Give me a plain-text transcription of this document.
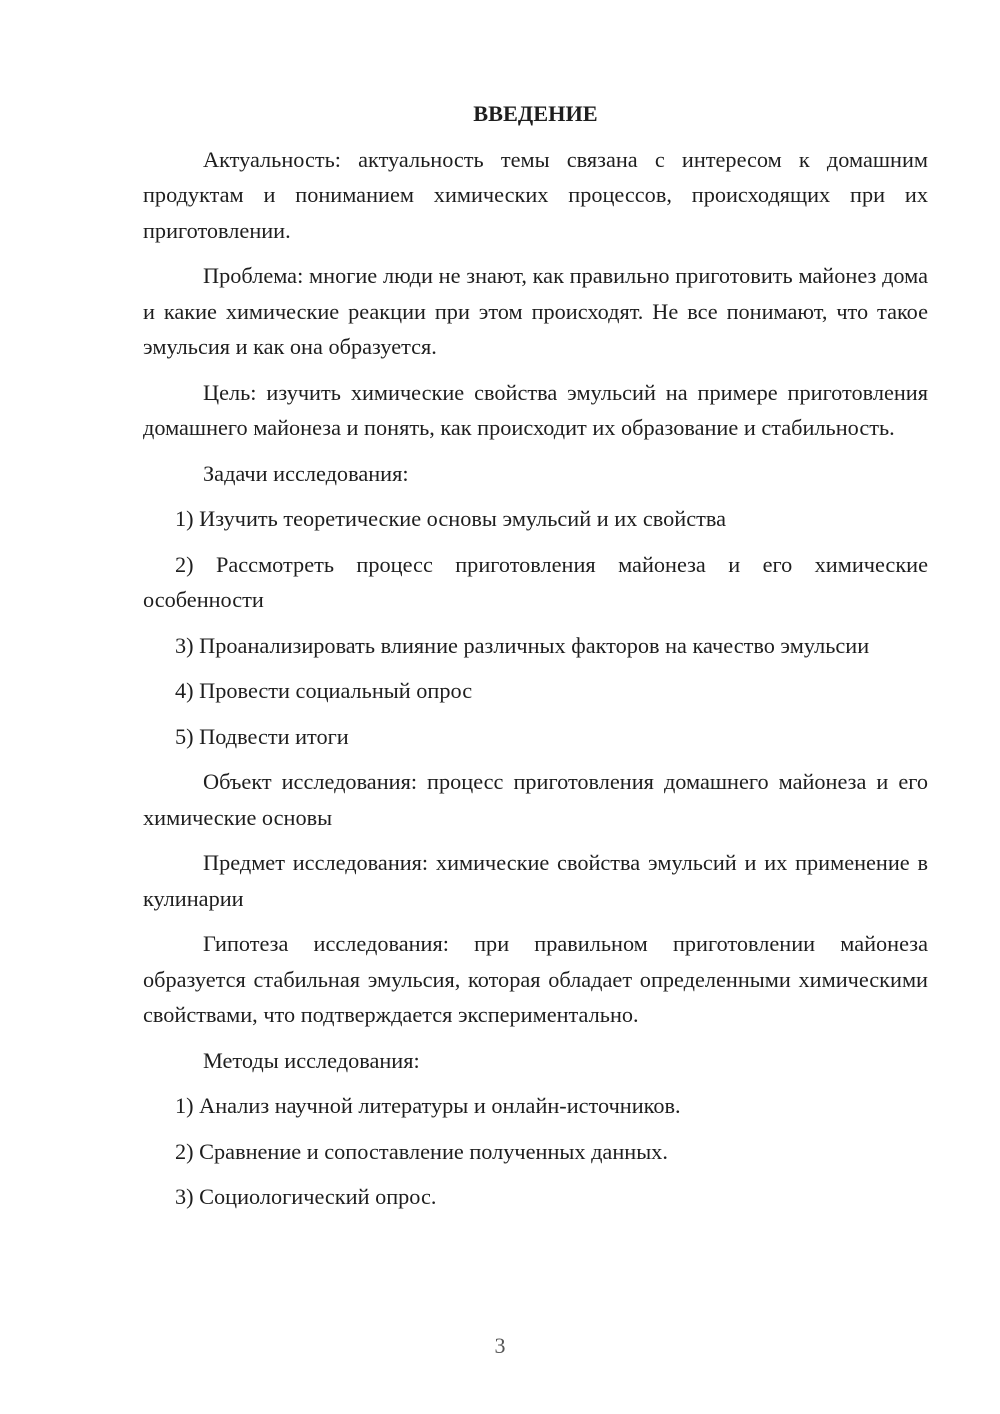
ВВЕДЕНИЕ
Актуальность: актуальность темы связана с интересом к домашним продуктам и пониманием химических процессов, происходящих при их приготовлении.
Проблема: многие люди не знают, как правильно приготовить майонез дома и какие химические реакции при этом происходят. Не все понимают, что такое эмульсия и как она образуется.
Цель: изучить химические свойства эмульсий на примере приготовления домашнего майонеза и понять, как происходит их образование и стабильность.
Задачи исследования:
1) Изучить теоретические основы эмульсий и их свойства
2) Рассмотреть процесс приготовления майонеза и его химические особенности
3) Проанализировать влияние различных факторов на качество эмульсии
4) Провести социальный опрос
5) Подвести итоги
Объект исследования: процесс приготовления домашнего майонеза и его химические основы
Предмет исследования: химические свойства эмульсий и их применение в кулинарии
Гипотеза исследования: при правильном приготовлении майонеза образуется стабильная эмульсия, которая обладает определенными химическими свойствами, что подтверждается экспериментально.
Методы исследования:
1) Анализ научной литературы и онлайн-источников.
2) Сравнение и сопоставление полученных данных.
3) Социологический опрос.
3
